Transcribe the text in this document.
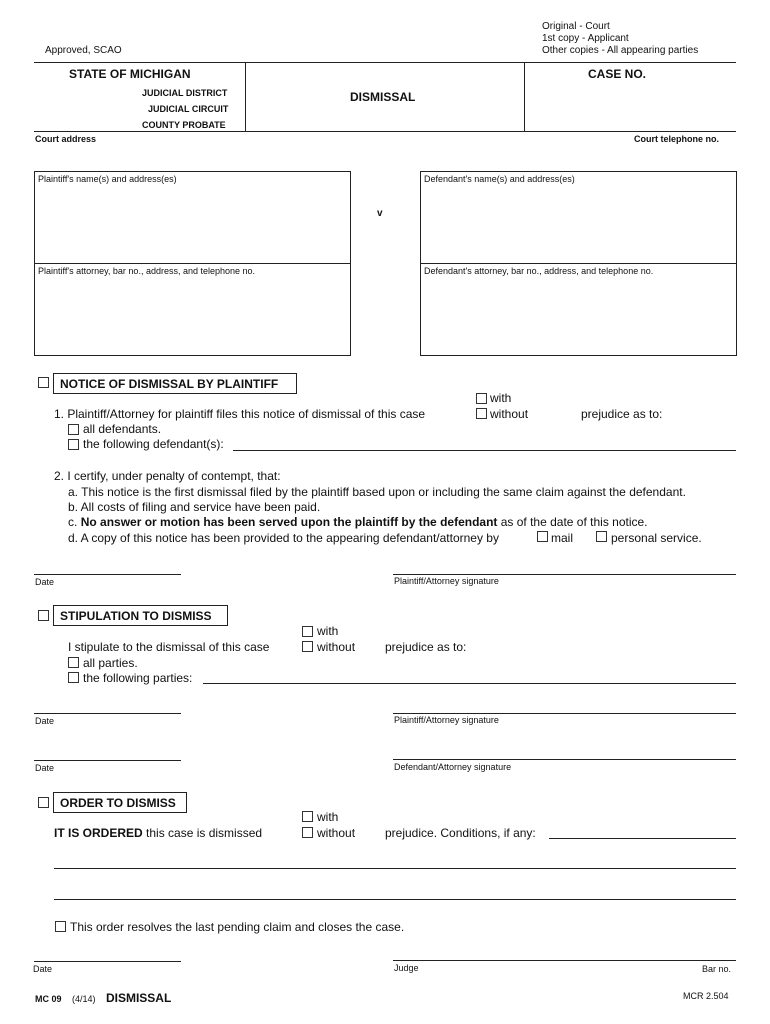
Original - Court
1st copy - Applicant
Other copies - All appearing parties
Approved, SCAO
STATE OF MICHIGAN
JUDICIAL DISTRICT
JUDICIAL CIRCUIT
COUNTY PROBATE
DISMISSAL
CASE NO.
Court address	Court telephone no.
Plaintiff's name(s) and address(es)
Plaintiff's attorney, bar no., address, and telephone no.
v
Defendant's name(s) and address(es)
Defendant's attorney, bar no., address, and telephone no.
NOTICE OF DISMISSAL BY PLAINTIFF
with
1. Plaintiff/Attorney for plaintiff files this notice of dismissal of this case	without	prejudice as to:
all defendants.
the following defendant(s):
2. I certify, under penalty of contempt, that:
a. This notice is the first dismissal filed by the plaintiff based upon or including the same claim against the defendant.
b. All costs of filing and service have been paid.
c. No answer or motion has been served upon the plaintiff by the defendant as of the date of this notice.
d. A copy of this notice has been provided to the appearing defendant/attorney by	mail	personal service.
Date	Plaintiff/Attorney signature
STIPULATION TO DISMISS
with
I stipulate to the dismissal of this case	without prejudice as to:
all parties.
the following parties:
Date	Plaintiff/Attorney signature
Date	Defendant/Attorney signature
ORDER TO DISMISS
with
IT IS ORDERED this case is dismissed	without prejudice. Conditions, if any:
This order resolves the last pending claim and closes the case.
Date	Judge	Bar no.
MC 09 (4/14) DISMISSAL	MCR 2.504
